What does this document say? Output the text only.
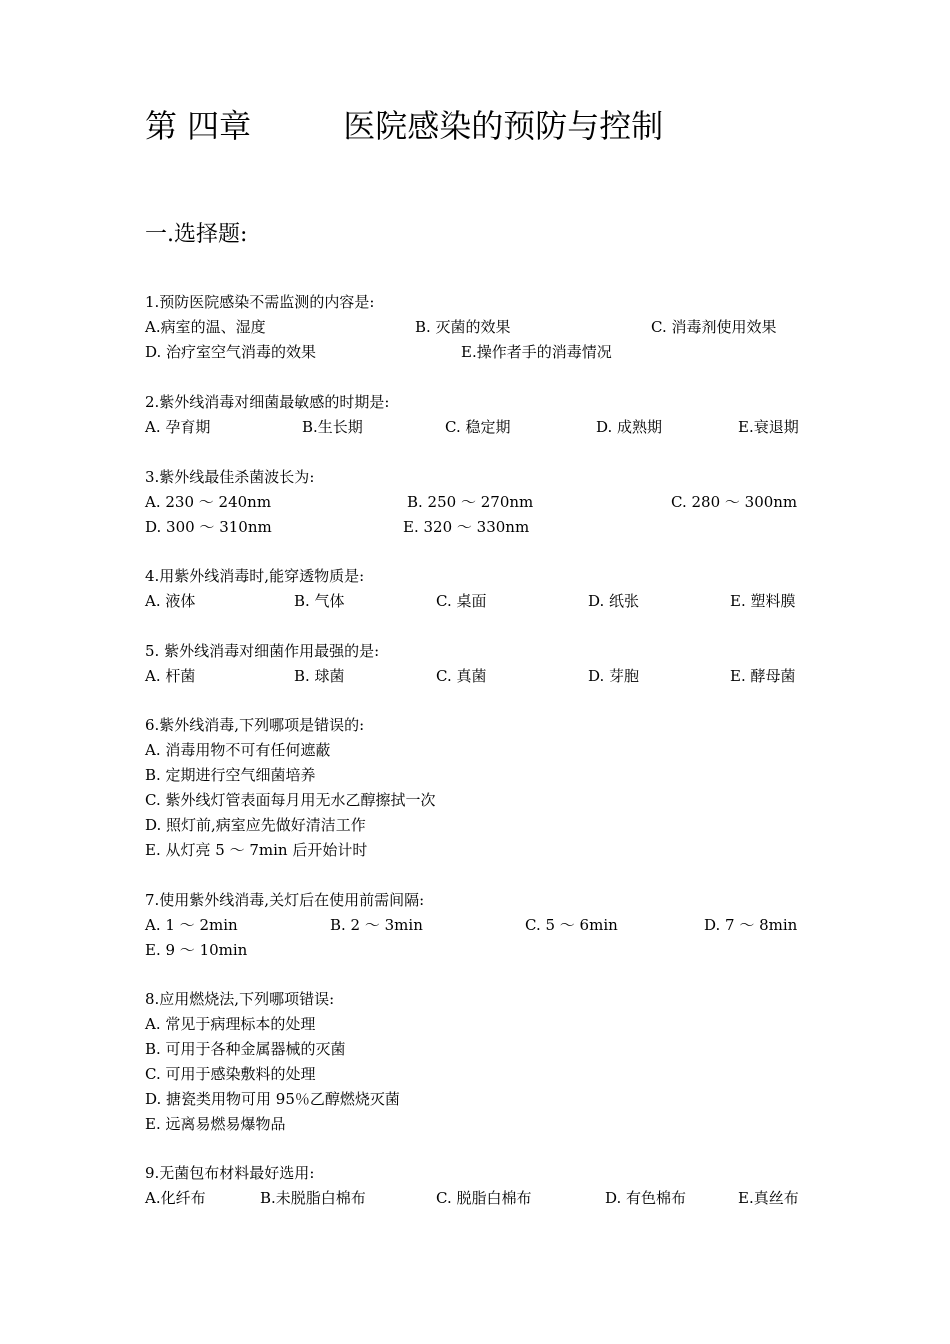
第 四章	医院感染的预防与控制
一.选择题:
1.预防医院感染不需监测的内容是:
A.病室的温、湿度	B. 灭菌的效果	C. 消毒剂使用效果
D. 治疗室空气消毒的效果	E.操作者手的消毒情况
2.紫外线消毒对细菌最敏感的时期是:
A. 孕育期	B.生长期	C. 稳定期	D. 成熟期	E.衰退期
3.紫外线最佳杀菌波长为:
A. 230 ～ 240nm	B. 250 ～ 270nm	C. 280 ～ 300nm
D. 300 ～ 310nm	E. 320 ～ 330nm
4.用紫外线消毒时,能穿透物质是:
A. 液体	B. 气体	C. 桌面	D. 纸张	E. 塑料膜
5. 紫外线消毒对细菌作用最强的是:
A. 杆菌	B. 球菌	C. 真菌	D. 芽胞	E. 酵母菌
6.紫外线消毒,下列哪项是错误的:
A. 消毒用物不可有任何遮蔽
B. 定期进行空气细菌培养
C. 紫外线灯管表面每月用无水乙醇擦拭一次
D. 照灯前,病室应先做好清洁工作
E. 从灯亮 5 ～ 7min 后开始计时
7.使用紫外线消毒,关灯后在使用前需间隔:
A. 1 ～ 2min	B. 2 ～ 3min	C. 5 ～ 6min	D. 7 ～ 8min
E. 9 ～ 10min
8.应用燃烧法,下列哪项错误:
A. 常见于病理标本的处理
B. 可用于各种金属器械的灭菌
C. 可用于感染敷料的处理
D. 搪瓷类用物可用 95％乙醇燃烧灭菌
E. 远离易燃易爆物品
9.无菌包布材料最好选用:
A.化纤布	B.未脱脂白棉布	C. 脱脂白棉布	D. 有色棉布	E.真丝布
